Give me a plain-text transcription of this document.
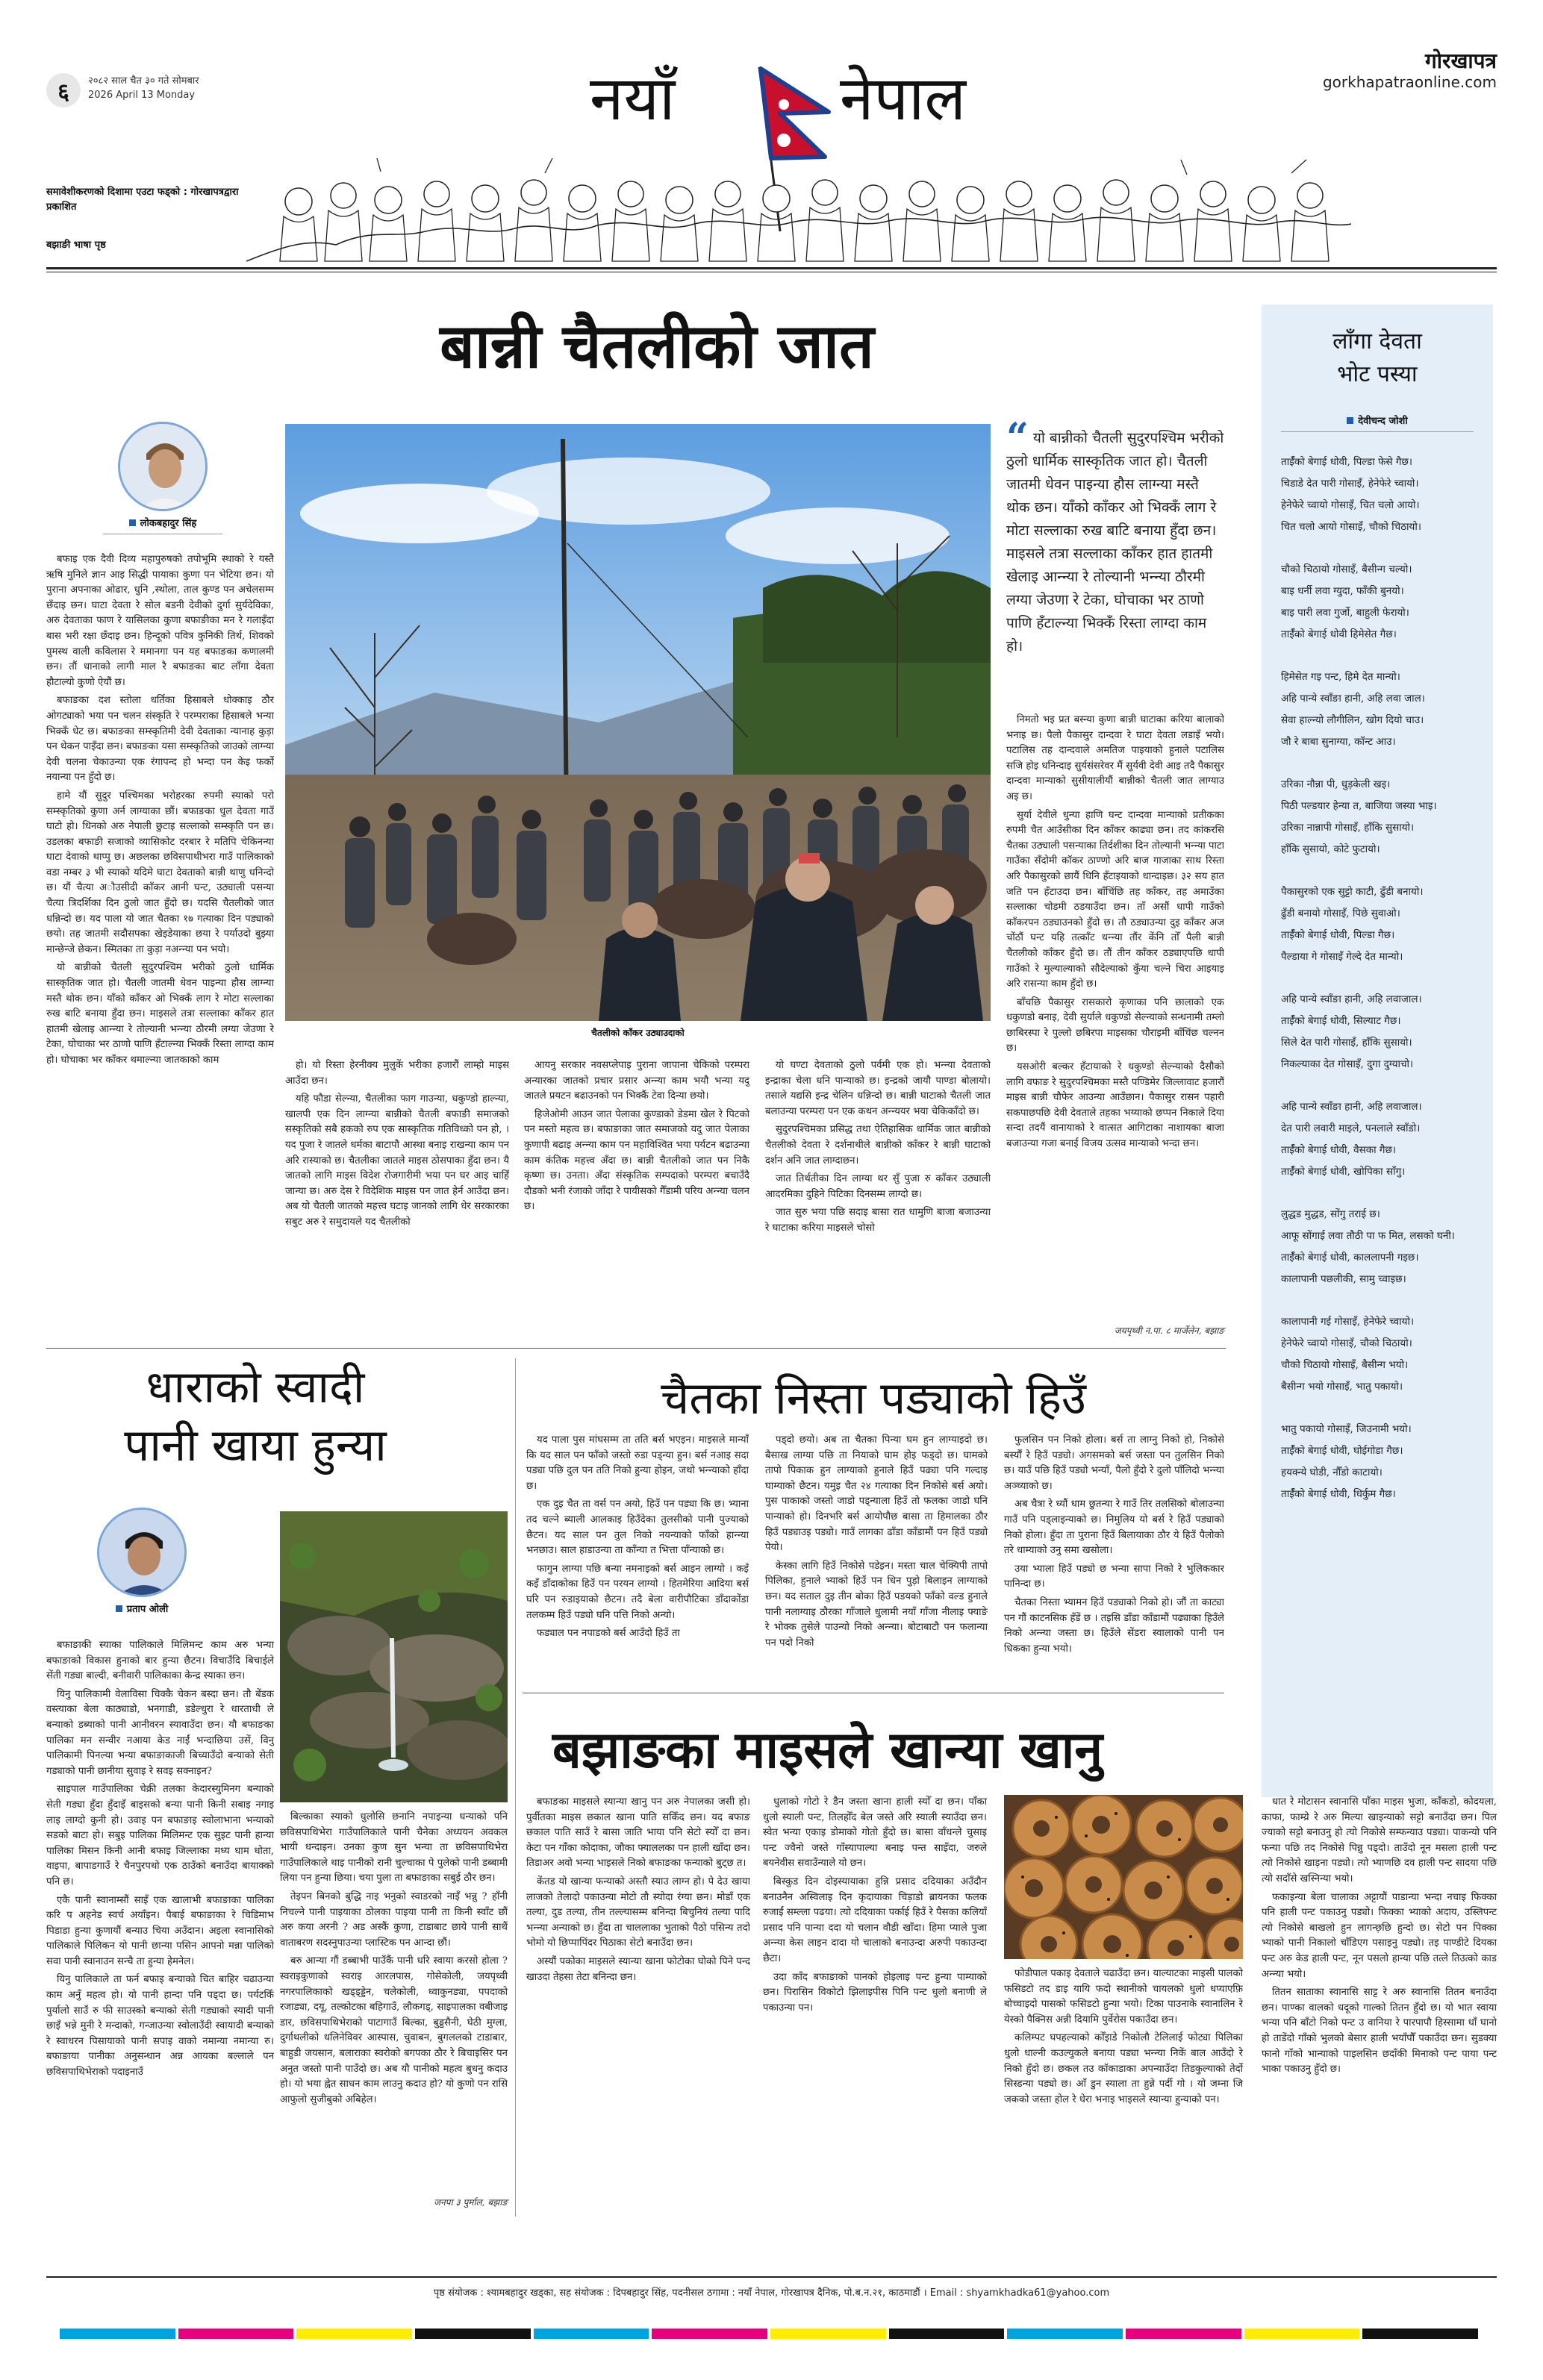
६ २०८२ साल चैत ३० गते सोमबार
2026 April 13 Monday	नयाँ	नेपाल
गोरखापत्र
gorkhapatraonline.com
समावेशीकरणको दिशामा एउटा फड्को : गोरखापत्रद्वारा प्रकाशित
बझाङी भाषा पृष्ठ
बान्नी चैतलीको जात
लोकबहादुर सिंह
चैतलीको काँकर उठ्याउदाको
“ यो बान्नीको चैतली सुदुरपश्चिम भरीको ठुलो धार्मिक सास्कृतिक जात हो। चैतली जातमी धेवन पाइन्या हौस लाग्न्या मस्तै थोक छन। याँको काँकर ओ भिक्कँ लाग रे मोटा सल्लाका रुख बाटि बनाया हुँदा छन। माइसले तत्रा सल्लाका काँकर हात हातमी खेलाइ आन्न्या रे तोल्यानी भन्न्या ठौरमी लग्या जेउणा रे टेका, घोचाका भर ठाणो पाणि हँटाल्न्या भिक्कँ रिस्ता लाग्दा काम हो।

बफाइ एक दैवी दिव्य महापुरुषको तपोभूमि स्थाको रे यस्तै ऋषि मुनिले ज्ञान आइ सिद्धी पायाका कुणा पन भेटिया छन। यो पुराना अपनाका ओढार, धुनि ,स्थोला, ताल कुण्ड पन अचेलसम्म छँदाइ छन। घाटा देवता रे सोल बडनी देवीको दुर्गा सुर्यदेविका, अरु देवताका फाण रे यासिलका कुणा बफाङीका मन रे गलाइँदा बास भरी रक्षा छँदाइ छन। हिन्दूको पवित्र कुनिकी तिर्थ, शिवको पुमस्थ वाली कविलास रे ममानगा पन यह बफाङका कणालमी छन। तौं धानाको लागी माल रै बफाङका बाट लाँगा देवता हौटाल्यो कुणो ऐयौं छ।

बफाङका दश स्तोला धर्तिका हिसाबले धोक्काइ ठौर ओगट्याको भया पन चलन संस्कृति रे परम्पराका हिसाबले भन्या भिक्कँ धेट छ। बफाङका सम्स्कृतिमी देवी देवताका न्यानाह कुड़ा पन थेकन पाइँदा छन। बफाङका यसा सम्स्कृतिको जाउको लाग्न्या देवी चलना चेकाउन्या एक रंगापन्द हो भन्दा पन केइ फर्को नयान्या पन हुँदो छ।

हामे यौं सुदुर पश्चिमका भरोहरका रुपमी स्याको परो सम्स्कृतिको कुणा अर्न लाग्याका छौं। बफाङका धुल देवता गाउँ घाटो हो। धिनको अरु नेपाली छुटाइ सल्लाको सम्स्कृति पन छ। उडलका बफाङी सजाको व्यासिकोट दरबार रे मतिपि चेकिनन्या घाटा देवाको थाप्पु छ। अछलका छविसपाथीभरा गाउँ पालिकाको वडा नम्बर ३ भी स्याको यदिमे घाटा देवताको बान्नी थाणु धनिन्दो छ। यौं चैत्या अौउसीदी काँकर आनी घन्ट, उठ्याली पसन्या चैत्या त्रिदर्शिका दिन ठुलो जात हुँदो छ। यदसि चैतलीको जात धन्निन्दो छ। यद पाला यो जात चैतका १७ गत्याका दिन पड्याको छयो। तह जातमी सदौसपका खेइडेयाका छया रे पर्याउदो बुझ्या मान्छेन्जे छेकन। स्मितका ता कुड़ा नअन्न्या पन भयो।

यो बान्नीको चैतली सुदुरपश्चिम भरीको ठुलो धार्मिक सास्कृतिक जात हो। चैतली जातमी धेवन पाइन्या हौस लाग्न्या मस्तै थोक छन। याँको काँकर ओ भिक्कँ लाग रे मोटा सल्लाका रुख बाटि बनाया हुँदा छन। माइसले तत्रा सल्लाका काँकर हात हातमी खेलाइ आन्न्या रे तोल्यानी भन्न्या ठौरमी लग्या जेउणा रे टेका, घोचाका भर ठाणो पाणि हँटाल्न्या भिक्कँ रिस्ता लाग्दा काम हो। घोचाका भर काँकर थमाल्न्या जातकाको काम	हो। यो रिस्ता हेरनीक्य मुलुकें भरीका हजारौं लाम्हो माइस आउँदा छन।

यहि फौडा सेल्न्या, चैतलीका फाग गाउन्या, धकुण्डो हाल्न्या, खालपी एक दिन लाग्न्या बान्नीको चैतली बफाङी समाजको सस्कृतिको सबै हकको रुप एक सास्कृतिक गतिविध्को पन हो, । यद पुजा रे जातले धर्मका बाटापौ आस्था बनाइ राखन्या काम पन अरि रास्याको छ। चैतलीका जातले माइस ठोसपाका हुँदा छन। यै जातको लागि माइस विदेश रोजगारीमी भया पन घर आइ चाहिँ जान्या छ। अरु देस रे विदेशिक माइस पन जात हेर्न आउँदा छन। अब यो चैतली जातको महत्त्व घटाइ जानको लागि धेर सरकारका सबुट अरु रे समुदायले यद चैतलीको

आयनु सरकार नवसप्लेपाइ पुराना जापाना चेकिको परम्परा अन्यारका जातको प्रचार प्रसार अन्न्या काम भयौ भन्या यदु जातले प्रयटन बढाउनको पन भिक्कैं टेवा दिन्या छयो।

हिजेओमी आउन जात पेलाका कुण्डाको डेडमा खेल रे पिटको पन मस्तो महत्व छ। बफाङाका जात समाजको यदु जात पेलाका कुणापी बढाइ अन्न्या काम पन महाविश्वित भया पर्यटन बढाउन्या काम कंतिक महत्त्व अँदा छ। बान्नी चैतलीको जात पन निकै कृष्णा छ। उनता। अँदा संस्कृतिक सम्पदाको परम्परा बचाउँदै दौडको भनी रंजाको जाँदा रे पायीसको गैँडामी परिय अन्न्या चलन छ।

यो घण्टा देवताको ठुलो पर्वमी एक हो। भन्न्या देवताको इन्द्राका चेला धनि पान्याको छ। इन्द्रको जायौ पाण्डा बोलायो। तसाले यद्यसि इन्द्र चेलिन धन्निन्दो छ। बान्नी घाटाको चैतली जात बलाउन्या परम्परा पन एक कथन अन्न्ययर भया चेकिकाँदो छ।

सुदुरपश्चिमका प्रसिद्ध तथा ऐतिहासिक धार्मिक जात बान्नीको चैतलीको देवता रे दर्शनाथीले बान्नीको काँकर रे बान्नी घाटाको दर्शन अनि जात लाग्दाछन।

जात तिर्थतीका दिन लाग्या थर सुँ पुजा रु काँकर उठ्याली आदरमिका दुहिने पिटिका दिनसम्म लाग्दो छ।

जात सुरु भया पछि सदाइ बासा रात धामुणि बाजा बजाउन्या रे घाटाका करिया माइसले चोसो

निमतो भइ प्रत बस्न्या कुणा बान्नी घाटाका करिया बालाको भनाइ छ। पैलो पैकासुर दान्दवा रे घाटा देवता लडाइँ भयो। पटालिस तह दान्दवाले अमतिज पाइयाको हुनाले पटालिस सजि होइ धनिन्दाइ सुर्यसंसरेवर मैं सुर्यवी देवी आइ तदै पैकासुर दान्दवा मान्याको सुसीयालीयौं बान्नीको चैतली जात लाग्याउ अइ छ।

सुर्या देवीले धुन्या हाणि घन्ट दान्दवा मान्याको प्रतीकका रुपमी चैत आउँसीका दिन काँकर काढ्या छन। तद कांकरसि चैतका उठ्याली पसन्याका तिर्दशीका दिन तोल्यानी भन्न्या पाटा गाउँका सँदोमी कॉकर ठाण्णो अरि बाज गाजाका साथ रिस्ता अरि पैकासुरको छायैं धिनि हँटाइयाको धान्दाइछ। ३२ सय हात जति पन हँटाउदा छन। बाँचिंछि तह काँकर, तह अमाउँका सल्लाका चोडमी ठडयाउँदा छन। ताँ असौं धापी गाउँको काँकरपन ठड्याउनको हुँदो छ। तौ ठड्याउन्या दुइ काँकर अज चोंठौं घन्ट यहि तत्काँट धन्न्या तौंर केंनि तोँ पैली बान्नी चैतलीको काँकर हुँदो छ। तौं तीन काँकर ठड्याएपछि धापी गाउँको रे मुल्याल्याको सौदेल्याको कुँया चल्ने चिरा आइयाइ अरि रासन्या काम हुँदो छ।

बाँचछि पैकासुर रासकारो कृणाका पनि छालाको एक धकुणडो बनाइ, देवी सुर्याले धकुण्डो सेल्न्याको सन्धनामी तम्लो छाबिरस्पा रे पुल्लो छबिरपा माइसका चौराइमी बाँचिंछ चल्नन छ।

यसओरी बल्कर हँटायाको रे धकुण्डो सेल्न्याको दैसौको लागि वफाङ रे सुदुरपश्चिमका मस्तै पण्डिमेर जिल्लावाट हजारौं माइस बान्नी चौफेर आउन्या आउँछान। पैकासुर रासन पहारी सकपाछपछि देवी देवताले तहका भय्याको छप्पन निकाले दिया सन्दा तदयैं वानायाको रे वात्सत आगिटाका नाशायका बाजा बजाउन्या गजा बनाई विजय उत्सव मान्याको भन्दा छन।

जयपृथ्वी न.पा. ८ मार्जेलेन, बझाङ
लाँगा देवता
भोट पस्या
देवीचन्द जोशी

ताईँको बेगाई धोवी, पिल्डा फेसे गैछ।

चिडाडे देत पारी गोसाइँ, हेनेफेरे च्वायो।

हेनेफेरे च्वायो गोसाइँ, चित चलो आयो।

चित चलो आयो गोसाइँ, चौको चिठायो।

चौको चिठायो गोसाइँ, बैसीन्ग चल्यो।

बाइ धर्नी लवा ग्युदा, फाँकी बुनयो।

बाइ पारी लवा गुर्जो, बाहुली फेरायो।

ताईँको बेगाई धोवी हिमेसेत गैछ।

हिमेसेत गइ पन्ट, हिमे देत मान्यो।

अहि पान्ये स्वाँङा हानी, अहि लवा जाल।

सेवा हाल्न्यो लौगीलिन, खोग दियो चाउ।

जौ रे बाबा सुनाग्या, कॉन्ट आउ।

उरिका नौन्ना पी, धुड़केली खइ।

पिठी पल्डयार हेन्या त, बाजिया जस्या भाइ।

उरिका नान्नापी गोसाइँ, हाँकि सुसायो।

हाँकि सुसायो, कोटे फुटायो।

पैकासुरको एक सुट्टो काटी, ढुँडी बनायो।

ढुँडी बनायो गोसाइँ, पिछे सुवाओ।

ताईँको बेगाई धोवी, पिल्डा गैछ।

पैल्डाया गे गोसाइँ गेल्दे देत मान्यो।

अहि पान्ये स्वाँङा हानी, अहि लवाजाल।

ताईँको बेगाई धोवी, सिल्याट गैछ।

सिले देत पारी गोसाइँ, हाँकि सुसायो।

निकल्याका देत गोसाइँ, दुगा दुग्याचो।

अहि पान्ये स्वाँङा हानी, अहि लवाजाल।

देत पारी लवारी माइले, पनलाले स्वाँडो।

ताईँको बेगाई धोवी, वैसका गैछ।

ताईँको बेगाई धोवी, खोपिका साँगु।

लुद्धड मुद्धड, सोंगु तराई छ।

आफू सोंगाई लवा तौठी पा फ मित, लसको घनी।

ताईँको बेगाई धोवी, काललापनी गइछ।

कालापानी पछलीकी, सामु च्वाइछ।

कालापानी गई गोसाइँ, हेनेफेरे च्वायो।

हेनेफेरे च्वायो गोसाइँ, चौको चिठायो।

चौको चिठायो गोसाइँ, बैसीन्ग भयो।

बैसीन्ग भयो गोसाइँ, भातु पकायो।

भातु पकायो गोसाइँ, जिउनामी भयो।

ताईँको बेगाई धोवी, घोईगोडा गैछ।

हयक्न्ये घोडी, नौँडो काटायो।

ताईँको बेगाई धोवी, धिर्कुम गैछ।

धाराको स्वादी
पानी खाया हुन्या
प्रताप ओली

बफाङाकी स्याका पालिकाले मिलिमन्ट काम अरु भन्या बफाङाको विकास हुनाको बार हुन्या छैटन। विचाउँदि बिचाईले सेंती गड्या बाल्दी, बनीवारी पालिकाका केन्द्र स्याका छन।

यिनु पालिकामी वेलाविसा चिक्कै चेकन बस्दा छन। तौ बेंडक वस्त्याका बेला काठ्याडो, भनगाडी, डडेल्धुरा रे धारताधी ले बन्याको डब्याको पानी आनीवरन स्यावाउँदा छन। यौ बफाङका पालिका मन सन्वीर नआया केड नाईं भन्दाछिया उसें, विनु पालिकामी पिनल्या भन्या बफाङाकाजी बिच्याउँदो बन्याको सेती गड्याको पानी छानीया सुवाइ रे सवइ सक्नाइन?

साइपाल गाउँपालिका चेक्री तलका केदारस्युमिनग बन्याको सेती गड्या हुँदा हुँदाइँ बाइसको बन्या पानी किनी सबाइ नगाइ लाइ लाग्दो कुनी हो। उवाइ पन बफाङाइ स्वोलाभाना भन्याको सडको बाटा हो। सबुइ पालिका मिलिमन्ट एक सुइट पानी हान्या पालिका मिसन किनी आनी बफाइ जिल्लाका मध्य धाम धोता, वाइपा, बापाडगाउँ रे चैनपुरपथो एक ठाउँको बनाउँदा बायाक्को पनि छ।

एकै पानी स्वानाम्सौं साइँ एक खालाभी बफाङाका पालिका करि प अहनेड स्वर्च अयाँइन। पैबाई बफाङाका रे चिडिमाभ पिडाडा हुन्या कुणायौं बन्याउ चिया अउँदान। अइला स्वानासिको पालिकाले पिलिकन यो पानी छान्या पसिन आपनो मन्ना पालिको सवा पानी स्वानाउन सन्चै ता हुन्या हेमनेल।

यिनु पालिकाले ता फर्न बफाइ बन्याको चित बाहिर चढाउन्या काम अनुँ महत्व हो। यो पानी हान्दा पनि पड्दा छ। पर्यटकिँ पुर्यालो साउँ रु फी साउस्को बन्याको सेती गड्याको स्यादी पानी छाइँ भन्ने मुनी रे मन्दाको, गन्जाउन्या स्वोलाउँदी स्वायादी बन्याको रे स्वाधरन पिसायाको पानी सपाइ वाको नमान्या नमान्या रु। बफाङाया पानीका अनुसन्धान अन्न आयका बल्लाले पन छविसपाथिभेराको पदाइनाउँ

बिल्काका स्याको धुलोसि छनानि नपाइन्या धन्याको पनि छविसपाथिभेरा गाउँपालिकाले पानी चैनेका अध्ययन अवकल भायी धन्दाइन। उनका कुण सुन भन्या ता छविसपाथिभेरा गाउँपालिकाले थाइ पानीको रानी चुल्चाका पे पुलेको पानी डब्बामी लिया पन हुन्या छिया। चया पुला ता बफाङाका सबुई ठौर छन।

तेइपन बिनको बुद्धि नाइ भनुको स्वाडरको नाइँ भन्नु ? हाँनी निचल्ने पानी पाइयाका ठोलका पाइया पानी ता किनी स्वाँट छौं अरु कया अरनी ? अड अस्कैं कुणा, टाडाबाट छाये पानी साथैं वाताबरण सदस्नुपाउन्या प्लास्टिक पन आन्दा छौं।

बरु आन्या गौं डब्बाभी पाउँकैं पानी धरि स्वाया करसो होला ? स्वराइकुणाको स्वराइ आरलपास, गोसेकोली, जयपृथ्वी नगरपालिकाको खड्ड्ड्डेन, चलेकोली, ध्वाकुनड्या, पपदाको रजाड्या, दयू, तल्कोटका बहिगाउँ, लौकगड्, साइपालका वबीजाइ डार, छविसपाथिभेराको पाटागाउँ बिल्का, बुड्डसैनी, घेठी मुग्ला, दुर्गाथलीको धलिनेविवर आस्पास, चुवाबन, बुगललको टाडाबार, बाहुडी जयसान, बलाराका स्वरोको बगपका ठौर रे बिचाइसिर पन अनुत जस्तो पानी पाउँदो छ। अब यौ पानीको महत्व बुधनु कदाउ हो। यो भया ह्वेत साधन काम लाउनु कदाउ हो? यो कुणो पन रासि आफुलो सुजीबुको अबिहेल।

जनपा ३ पुर्माल, बझाङ
चैतका निस्ता पड्याको हिउँ

यद पाला पुस मांघसम्म ता तति बर्स भएइन। माइसले मान्याँ कि यद साल पन फाँको जस्तो रुडा पड्न्या हुन। बर्स नआइ सदा पड्या पछि दुल पन तति निको हुन्या होइन, जथो भन्न्याको हाँदा छ।

एक दुइ चैत ता वर्स पन अयो, हिउँ पन पड्या कि छ। भ्याना तद चल्ने ब्याली आलकाइ हिउँदेका तुलसीको पानी पुज्याको छैटन। यद साल पन तुल निको नयन्याको फाँको हान्न्या भनछाउ। साल हाडाउन्या ता काँन्या त भित्ता पाँन्याको छ।

फागुन लाग्या पछि बन्या नमनाइको बर्स आइन लाग्यो । कइँ कइँ डाँदाकोका हिउँ पन परयन लाग्यो । हितमेरिया आदिया बर्स घरि पन रुडाइयाको छैटन। तदै बेला वारीपौटिका डाँदाकोंडा तलकम्म हिउँ पड्यो घनि पत्ति निको अन्यो।

फड्याल पन नपाडको बर्स आउँदो हिउँ ता

पड्दो छयो। अब ता चैतका पिन्या घम हुन लाग्याइदो छ। बैसाख लाग्या पछि ता नियाको घाम होइ फड्दो छ। घामको तापो पिकाक हुन लाग्याको हुनाले हिउँ पढ्या पनि गल्दाइ घाम्याको छैटन। यमुइ चैत २४ गत्याका दिन निकोसे बर्स अयो। पुस पाकाको जस्तो जाडो पड्न्याला हिउँ तो फलका जाडो घनि पान्याको हो। दिनभरि बर्स आयोपौछ बासा ता हिमालका ठौर हिउँ पड्याउइ पड्यो। गाउँ लागका ढाँडा काँडामौं पन हिउँ पड्यो पेयो।

केस्का लागि हिउँ निकोसे पडेइन। मस्ता चाल चेक्यिपी तापो पिलिका, हुनाले भ्याको हिउँ पन धिन पुड़ो बिलाइन लाग्याको छन। यद सताल दुइ तीन बोका हिउँ पडयको फाँको वल्ड हुनाले पानी नलाग्याइ ठौरका गाँजाले धुलामी नयाँ गाँजा नीलाइ फ्याङे रे भोक्क तुसेले पाउन्यो निको अन्न्या। बोटाबाटौ पन फलान्या पन पदो निको

फुलसिन पन निको होला। बर्स ता लाग्नु निको हो, निकोसे बर्स्यौं रे हिउँ पड्यो। अगसमको बर्स जस्ता पन तुलसिन निको छ। याउँ पछि हिउँ पड्यो भन्याँ, पैलो हुँदो रे दुलो पाँलिदो भन्न्या अञ्च्याको छ।

अब चैत्रा रे ध्यौं धाम छुतन्या रे गाउँ तिर तलसिको बोलाउन्या गाउँ पनि पड्लाइन्याको छ। निमुलिय यो बर्स रे हिउँ पड्याको निको होला। हुँदा ता पुराना हिउँ बिलायाका ठौर ये हिउँ पैलोको तरे धाम्याको उनु समा खसोला।

उया भ्याला हिउँ पड्यो छ भन्या सापा निको रे भुलिककार पानिन्दा छ।

चैतका निस्ता भ्यामन हिउँ पड्याको निको हो। जौं ता काट्या पन गौं काटनसिक हँडें छ । तइसि डाँडा काँडामौं पढ्याका हिउँले निको अन्न्या जस्ता छ। हिउँले सेंडरा स्वालाको पानी पन धिकका हुन्या भयो।

बझाङका माइसले खान्या खानु

बफाङका माइसले स्यान्या खानु पन अरु नेपालका जसी हो। पुर्वीतका माइस छकाल खाना पाति सकिँद छन। यद बफाङ छकाल पाति साउँ रे बासा जाति भाया पनि सेटो स्योँ दा छन। केटा पन गाँँका कोदाका, जौका फ्याललका पन हाली खाँदा छन। तिडाअर अवो भन्या भाइसले निको बफाङका फन्याको बुट्छ त।

केंतड यो खान्या फन्याको अस्तौ स्याउ लाग्न हो। पे देउ खाया लाजको तेलादो पकाउन्या मोटो तौ स्योदा रंग्या छन। मोडाँ एक तल्या, दुड तल्या, तीन तल्ल्यासम्म बनिन्दा बिचुनियं तल्या पादि भन्न्या अन्याको छ। हुँदा ता चाललाका भुताको पैठो पसिन्य तदो भोमो यो छिप्पापिंदर पिठाका सेटो बनाउँदा छन।

अस्यौं पकोका माइसले स्यान्या खाना फोटोका घोको पिने पन्द खाउदा तेहसा तेटा बनिन्दा छन।

धुलाको गोटो रे डैन जस्ता खाना हाली स्योँ दा छन। पाँका धुलो स्याली पन्ट, तिलहोँद बेल जस्ते अरि स्याली स्याउँदा छन। स्वेत भन्या एकाइ डोमाको गोतो हुँदो छ। बासा वाँधन्ले चुसाइ पन्ट ज्वैनो जस्ते गाँस्यापाल्या बनाइ पन्त साइँदा, जरुले बयनेवीस सवाउँन्याले यो छन।

बिस्कुड दिन दोइस्यायाका हुन्नि प्रसाद ददियाका अउँदौन बनाउनैन अस्विलाइ दिन कृदायाका चिड़ाडो ब्रायनका फलक रुजाईं सम्ल्ला पढया। त्यो ददियाका पर्काई हिउँ रे पैसका कलियाँ प्रसाद पनि पान्या ददा यो चलान वौडी खाँदा। हिमा प्याले पुजा अन्न्या केस लाइन दादा यो चालाको बनाउन्दा अरुपी पकाउन्दा छैटा।

उदा काँद बफाङाको पानको होइलाइ पन्ट हुन्या पाम्याको छन। पिरासिन विकोटो झिलाइपीस पिनि पन्ट धुलो बनाणी ले पकाउन्या पन।

फोडीपाल पकाइ देवताले चढाउँदा छन। याल्याटका माइसी पालको फसिडटो तद डाइ यायि फदो स्थानीको चायलको धुलो धप्याएफ़ि बोच्चाइदो पासको फसिडटो हुन्या भयो। टिका पाउनाके स्वानालिन रे येस्को पैक्निस अन्नी दियामि पुर्वेरोस पकाउँदा छन।

कलिम्पट घपहल्याको कोँइाडे निकोलौ टेलिलाई फोट्या पिलिका धुलो धाल्नी कउल्युकले बनाया पड्या भन्न्या निकें बाल आउँदो रे निको हुँदो छ। छकल तउ कॉकाडाका अपन्याउँदा तिडकुल्याको तेर्दो सिस्डन्या पड्यो छ। आँ डुन स्याला ता हुन्ने पर्दी गो । यो जम्ना जि जकको जस्ता होल रे धेरा भनाइ भाइसले स्यान्या हुन्याको पन।

धात रे मोटासन स्वानासि पाँका माइस भुजा, काँकडो, कोदयला, काफा, फाम्य्रे रे अरु मिल्या खाइन्याको सट्टो बनाउँदा छन। पिल ज्याको सट्टो बनाउनु हो त्यो निकोसे सम्फन्याउ पड्या। पाकन्यो पनि फन्या पछि तद निकोसे पिन्नु पड्दो। ताउँदो नून मसला हाली पन्ट त्यो निकोसे खाड़ना पड्यो। त्यो भ्याणछि दव हाली पन्ट सादया पछि त्यो सदाँसे खस्निन्या भयो।

फकाइन्या बेला चालाका अट्टायौं पाडान्या भन्दा नचाइ फिक्का पनि हाली पन्ट पकाउनु पड्यो। फिक्का भ्याको अदाय, उस्लिपन्ट त्यो निकोसे बाखलो हुन लागन्छ़छि हुन्दो छ। सेटो पन पिक्का भ्याको पानी निकालो चाँडिएग पसाइनु पड्यो। तइ पाण्डीटे दियका पन्ट अरु केड हाली पन्ट, नून पसलो हान्या पछि तत्ले तिउत्को काड अन्न्या भयो।

तितन साताका स्वानासि साट्ट रे अरु स्वानासि तितन बनाउँदा छन। पाण्का वालको धदूको गाल्को तितन हुँदो छ। यो भात स्वाया भन्या पनि बाँटो निको पन्ट उ वानिया रे पारपापौ हिस्सामा धाँ घानो हो ताडेंदो गाँको भुलको बेसार हाली भयाँपौँ पकाउँदा छन। सुडक्या फानो गाँको भान्याको पाइलसिन छदाँकी मिनाको पन्ट पाया पन्ट भाका पकाउनु हुँदो छ।

पृष्ठ संयोजक : श्यामबहादुर खड्का, सह संयोजक : दिपबहादुर सिंह, पदनीसल ठगामा : नयाँ नेपाल, गोरखापत्र दैनिक, पो.ब.न.२१, काठमाडौं । Email : shyamkhadka61@yahoo.com
